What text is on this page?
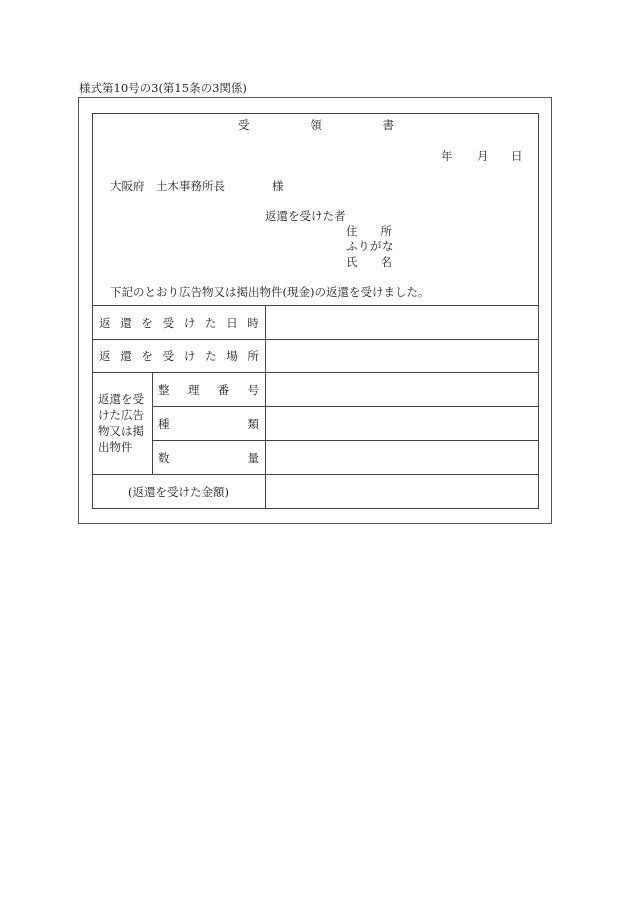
様式第10号の3(第15条の3関係)
受	領	書
年 月 日
大阪府　土木事務所長	様
返還を受けた者
住 所
ふりがな
氏 名
下記のとおり広告物又は掲出物件(現金)の返還を受けました。
返 還 を 受 け た 日 時
返 還 を 受 け た 場 所
返還を受
けた広告
物又は掲
出物件
整 理 番 号
種	類
数	量
(返還を受けた金額)
